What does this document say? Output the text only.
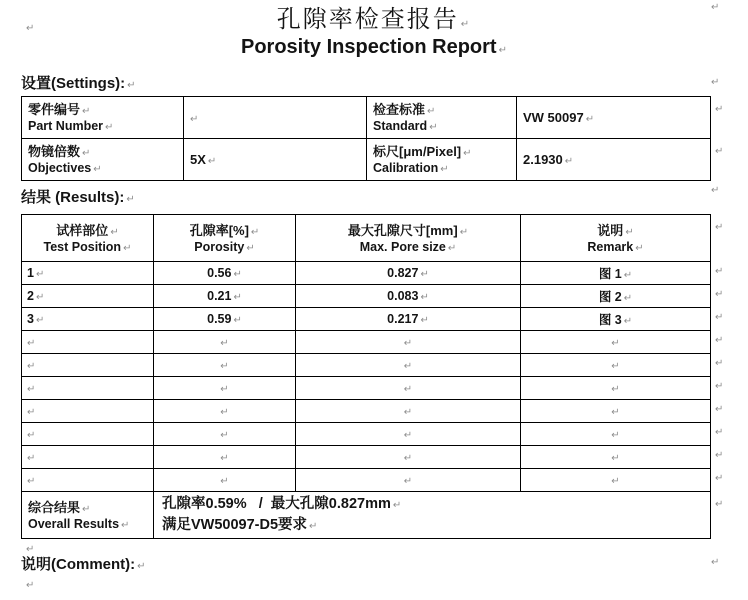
↵
↵
↵
↵
↵
孔隙率检查报告 ↵
Porosity Inspection Report ↵
设置(Settings): ↵
零件编号 ↵
Part Number ↵
	↵	
检查标准 ↵
Standard ↵
	VW 50097 ↵

物镜倍数 ↵
Objectives ↵
	5X ↵	
标尺[μm/Pixel] ↵
Calibration ↵
	2.1930 ↵
↵
↵
结果 (Results): ↵
试样部位 ↵
Test Position ↵

孔隙率[%] ↵
Porosity ↵

最大孔隙尺寸[mm] ↵
Max. Pore size ↵

说明 ↵
Remark ↵

1 ↵	0.56 ↵	0.827 ↵	图 1 ↵
2 ↵	0.21 ↵	0.083 ↵	图 2 ↵
3 ↵	0.59 ↵	0.217 ↵	图 3 ↵
↵	↵	↵	↵
↵	↵	↵	↵
↵	↵	↵	↵
↵	↵	↵	↵
↵	↵	↵	↵
↵	↵	↵	↵
↵	↵	↵	↵

综合结果 ↵
Overall Results ↵

孔隙率0.59%   /  最大孔隙0.827mm ↵
满足VW50097-D5要求 ↵
↵
↵
↵
↵
↵
↵
↵
↵
↵
↵
↵
↵
↵
说明(Comment): ↵
↵
